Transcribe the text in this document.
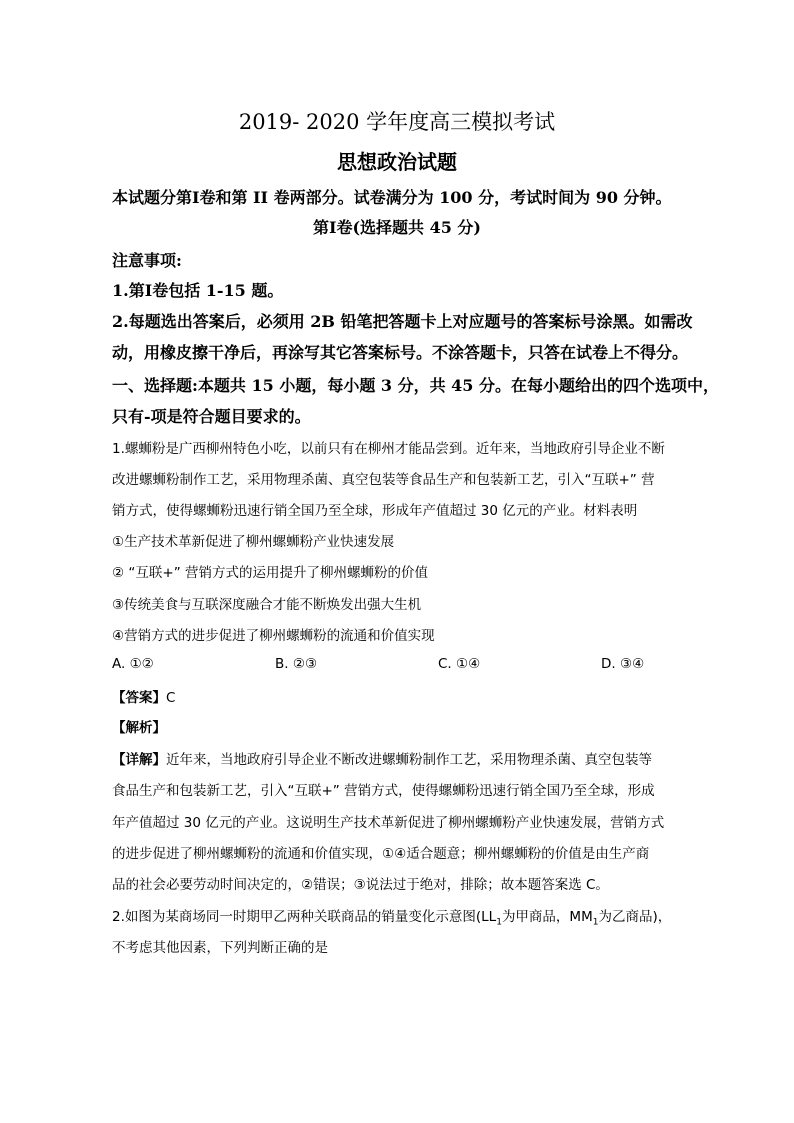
2019- 2020 学年度高三模拟考试
思想政治试题
本试题分第Ⅰ卷和第 II 卷两部分。试卷满分为 100 分，考试时间为 90 分钟。
第Ⅰ卷(选择题共 45 分)
注意事项:
1.第Ⅰ卷包括 1-15 题。
2.每题选出答案后，必须用 2B 铅笔把答题卡上对应题号的答案标号涂黑。如需改
动，用橡皮擦干净后，再涂写其它答案标号。不涂答题卡，只答在试卷上不得分。
一、选择题:本题共 15 小题，每小题 3 分，共 45 分。在每小题给出的四个选项中，
只有-项是符合题目要求的。
1.螺蛳粉是广西柳州特色小吃，以前只有在柳州才能品尝到。近年来，当地政府引导企业不断
改进螺蛳粉制作工艺，采用物理杀菌、真空包装等食品生产和包装新工艺，引入“互联+” 营
销方式，使得螺蛳粉迅速行销全国乃至全球，形成年产值超过 30 亿元的产业。材料表明
①生产技术革新促进了柳州螺蛳粉产业快速发展
② “互联+” 营销方式的运用提升了柳州螺蛳粉的价值
③传统美食与互联深度融合才能不断焕发出强大生机
④营销方式的进步促进了柳州螺蛳粉的流通和价值实现
A. ①②	B. ②③	C. ①④	D. ③④
【答案】C
【解析】
【详解】近年来，当地政府引导企业不断改进螺蛳粉制作工艺，采用物理杀菌、真空包装等
食品生产和包装新工艺，引入“互联+” 营销方式，使得螺蛳粉迅速行销全国乃至全球，形成
年产值超过 30 亿元的产业。这说明生产技术革新促进了柳州螺蛳粉产业快速发展，营销方式
的进步促进了柳州螺蛳粉的流通和价值实现，①④适合题意；柳州螺蛳粉的价值是由生产商
品的社会必要劳动时间决定的，②错误；③说法过于绝对，排除；故本题答案选 C。
2.如图为某商场同一时期甲乙两种关联商品的销量变化示意图($LL_1$为甲商品，$MM_1$为乙商品)，
不考虑其他因素，下列判断正确的是
